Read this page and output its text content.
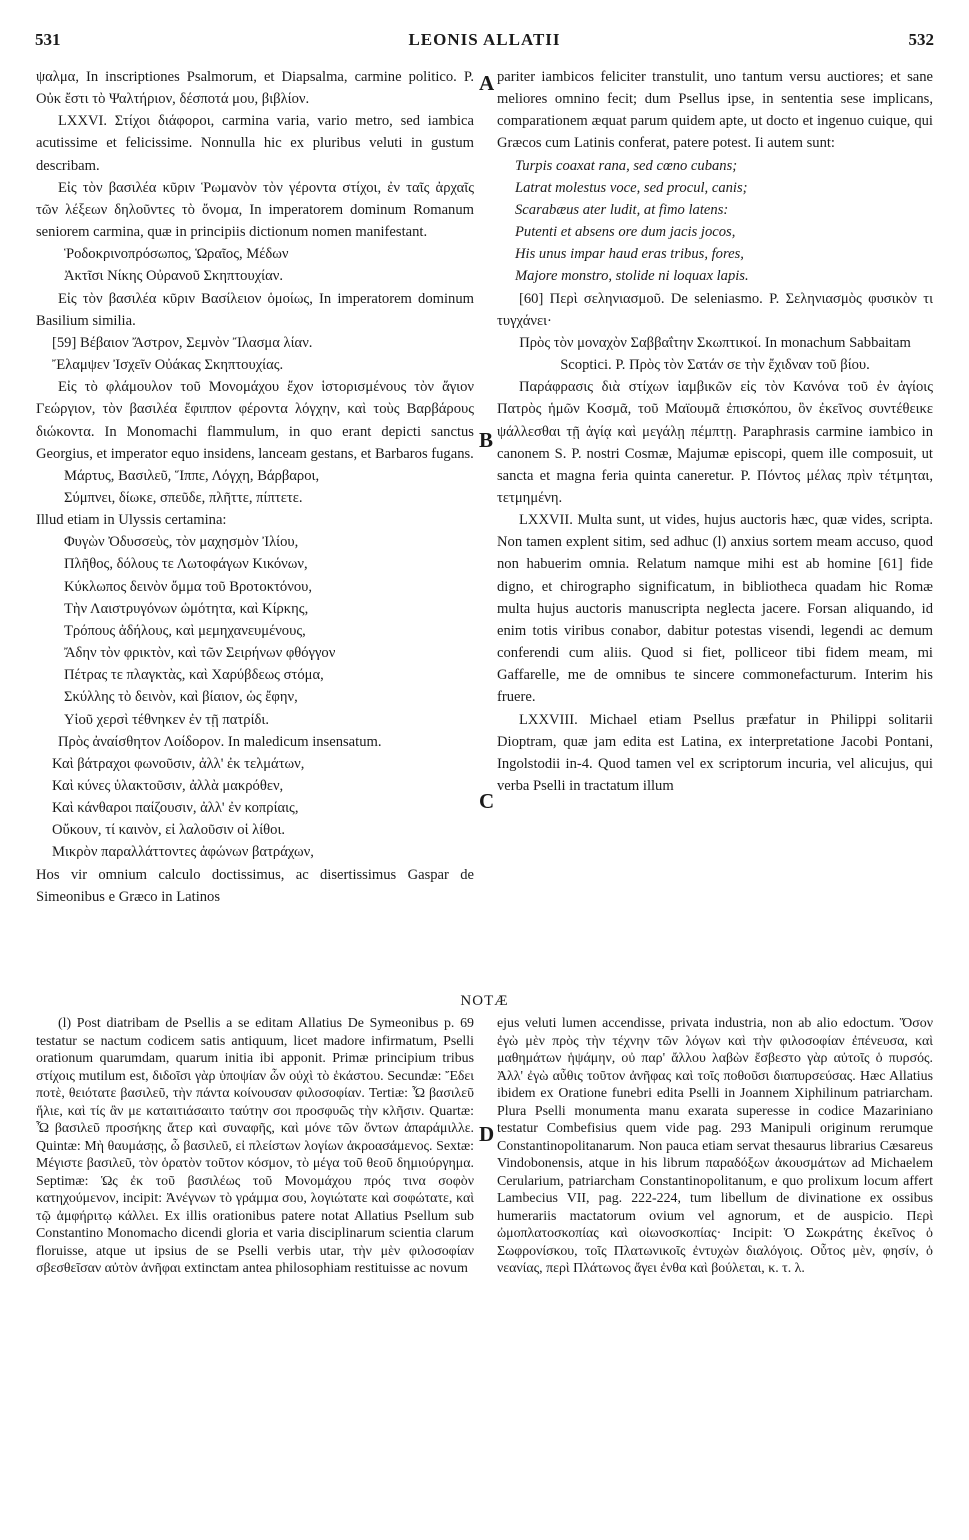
531	LEONIS ALLATII	532
A
B
C
D

ψαλμα, In inscriptiones Psalmorum, et Diapsalma, carmine politico. P. Οὐκ ἔστι τὸ Ψαλτήριον, δέσποτά μου, βιβλίον.

LXXVI. Στίχοι διάφοροι, carmina varia, vario metro, sed iambica acutissime et felicissime. Nonnulla hic ex pluribus veluti in gustum describam.

Εἰς τὸν βασιλέα κῦριν Ῥωμανὸν τὸν γέροντα στίχοι, ἐν ταῖς ἀρχαῖς τῶν λέξεων δηλοῦντες τὸ ὄνομα, In imperatorem dominum Romanum seniorem carmina, quæ in principiis dictionum nomen manifestant.

Ῥοδοκρινοπρόσωπος, Ὡραῖος, Μέδων

Ἀκτῖσι Νίκης Οὐρανοῦ Σκηπτουχίαν.

Εἰς τὸν βασιλέα κῦριν Βασίλειον ὁμοίως, In imperatorem dominum Basilium similia.

[59] Βέβαιον Ἄστρον, Σεμνὸν Ἴλασμα λίαν.

Ἔλαμψεν Ἰσχεῖν Οὐάκας Σκηπτουχίας.

Εἰς τὸ φλάμουλον τοῦ Μονομάχου ἔχον ἱστορισμένους τὸν ἅγιον Γεώργιον, τὸν βασιλέα ἔφιππον φέροντα λόγχην, καὶ τοὺς Βαρβάρους διώκοντα. In Monomachi flammulum, in quo erant depicti sanctus Georgius, et imperator equo insidens, lanceam gestans, et Barbaros fugans.

Μάρτυς, Βασιλεῦ, Ἵππε, Λόγχη, Βάρβαροι,

Σύμπνει, δίωκε, σπεῦδε, πλῆττε, πίπτετε.

Illud etiam in Ulyssis certamina:

Φυγὼν Ὀδυσσεὺς, τὸν μαχησμὸν Ἰλίου,

Πλῆθος, δόλους τε Λωτοφάγων Κικόνων,

Κύκλωπος δεινὸν ὄμμα τοῦ Βροτοκτόνου,

Τὴν Λαιστρυγόνων ὠμότητα, καὶ Κίρκης,

Τρόπους ἀδήλους, καὶ μεμηχανευμένους,

Ἄδην τὸν φρικτὸν, καὶ τῶν Σειρήνων φθόγγον

Πέτρας τε πλαγκτὰς, καὶ Χαρύβδεως στόμα,

Σκύλλης τὸ δεινὸν, καὶ βίαιον, ὡς ἔφην,

Υἱοῦ χερσὶ τέθνηκεν ἐν τῇ πατρίδι.

Πρὸς ἀναίσθητον Λοίδορον. In maledicum insensatum.

Καὶ βάτραχοι φωνοῦσιν, ἀλλ' ἐκ τελμάτων,

Καὶ κύνες ὑλακτοῦσιν, ἀλλὰ μακρόθεν,

Καὶ κάνθαροι παίζουσιν, ἀλλ' ἐν κοπρίαις,

Οὔκουν, τί καινὸν, εἰ λαλοῦσιν οἱ λίθοι.

Μικρὸν παραλλάττοντες ἀφώνων βατράχων,

Hos vir omnium calculo doctissimus, ac disertissimus Gaspar de Simeonibus e Græco in Latinos

pariter iambicos feliciter transtulit, uno tantum versu auctiores; et sane meliores omnino fecit; dum Psellus ipse, in sententia sese implicans, comparationem æquat parum quidem apte, ut docto et ingenuo cuique, qui Græcos cum Latinis conferat, patere potest. Ii autem sunt:

Turpis coaxat rana, sed cœno cubans;

Latrat molestus voce, sed procul, canis;

Scarabæus ater ludit, at fimo latens:

Putenti et absens ore dum jacis jocos,

His unus impar haud eras tribus, fores,

Majore monstro, stolide ni loquax lapis.

[60] Περὶ σεληνιασμοῦ. De seleniasmo. P. Σεληνιασμὸς φυσικὸν τι τυγχάνει·

Πρὸς τὸν μοναχὸν Σαββαΐτην Σκωπτικοί. In monachum Sabbaitam Scoptici. P. Πρὸς τὸν Σατάν σε τὴν ἔχιδναν τοῦ βίου.

Παράφρασις διὰ στίχων ἰαμβικῶν εἰς τὸν Κανόνα τοῦ ἐν ἁγίοις Πατρὸς ἡμῶν Κοσμᾶ, τοῦ Μαϊουμᾶ ἐπισκόπου, ὃν ἐκεῖνος συντέθεικε ψάλλεσθαι τῇ ἁγίᾳ καὶ μεγάλῃ πέμπτῃ. Paraphrasis carmine iambico in canonem S. P. nostri Cosmæ, Majumæ episcopi, quem ille composuit, ut sancta et magna feria quinta caneretur. P. Πόντος μέλας πρὶν τέτμηται, τετμημένη.

LXXVII. Multa sunt, ut vides, hujus auctoris hæc, quæ vides, scripta. Non tamen explent sitim, sed adhuc (l) anxius sortem meam accuso, quod non habuerim omnia. Relatum namque mihi est ab homine [61] fide digno, et chirographo significatum, in bibliotheca quadam hic Romæ multa hujus auctoris manuscripta neglecta jacere. Forsan aliquando, id enim totis viribus conabor, dabitur potestas visendi, legendi ac demum conferendi cum aliis. Quod si fiet, polliceor tibi fidem meam, mi Gaffarelle, me de omnibus te sincere commonefacturum. Interim his fruere.

LXXVIII. Michael etiam Psellus præfatur in Philippi solitarii Dioptram, quæ jam edita est Latina, ex interpretatione Jacobi Pontani, Ingolstodii in-4. Quod tamen vel ex scriptorum incuria, vel alicujus, qui verba Pselli in tractatum illum

NOTÆ

(l) Post diatribam de Psellis a se editam Allatius De Symeonibus p. 69 testatur se nactum codicem satis antiquum, licet madore infirmatum, Pselli orationum quarumdam, quarum initia ibi apponit. Primæ principium tribus στίχοις mutilum est, διδοῖσι γὰρ ὑποψίαν ὧν οὐχὶ τὸ ἑκάστου. Secundæ: Ἔδει ποτὲ, θειότατε βασιλεῦ, τὴν πάντα κοίνουσαν φιλοσοφίαν. Tertiæ: Ὦ βασιλεῦ ἥλιε, καὶ τίς ἂν με καταιτιάσαιτο ταύτην σοι προσφυῶς τὴν κλῆσιν. Quartæ: Ὦ βασιλεῦ προσήκης ἄτερ καὶ συναφῆς, καὶ μόνε τῶν ὄντων ἀπαράμιλλε. Quintæ: Μὴ θαυμάσῃς, ὦ βασιλεῦ, εἰ πλείστων λογίων ἀκροασάμενος. Sextæ: Μέγιστε βασιλεῦ, τὸν ὁρατὸν τοῦτον κόσμον, τὸ μέγα τοῦ θεοῦ δημιούργημα. Septimæ: Ὡς ἐκ τοῦ βασιλέως τοῦ Μονομάχου πρός τινα σοφὸν κατηχούμενον, incipit: Ἀνέγνων τὸ γράμμα σου, λογιώτατε καὶ σοφώτατε, καὶ τῷ ἀμφήριτῳ κάλλει. Ex illis orationibus patere notat Allatius Psellum sub Constantino Monomacho dicendi gloria et varia disciplinarum scientia clarum floruisse, atque ut ipsius de se Pselli verbis utar, τὴν μὲν φιλοσοφίαν σβεσθεῖσαν αὐτὸν ἀνῆφαι extinctam antea philosophiam restituisse ac novum

ejus veluti lumen accendisse, privata industria, non ab alio edoctum. Ὅσον ἐγὼ μὲν πρὸς τὴν τέχνην τῶν λόγων καὶ τὴν φιλοσοφίαν ἐπένευσα, καὶ μαθημάτων ἡψάμην, οὐ παρ' ἄλλου λαβὼν ἔσβεστο γὰρ αὐτοῖς ὁ πυρσός. Ἀλλ' ἐγὼ αὖθις τοῦτον ἀνῆφας καὶ τοῖς ποθοῦσι διαπυρσεύσας. Hæc Allatius ibidem ex Oratione funebri edita Pselli in Joannem Xiphilinum patriarcham. Plura Pselli monumenta manu exarata superesse in codice Mazariniano testatur Combefisius quem vide pag. 293 Manipuli originum rerumque Constantinopolitanarum. Non pauca etiam servat thesaurus librarius Cæsareus Vindobonensis, atque in his librum παραδόξων ἀκουσμάτων ad Michaelem Cerularium, patriarcham Constantinopolitanum, e quo prolixum locum affert Lambecius VII, pag. 222-224, tum libellum de divinatione ex ossibus humerariis mactatorum ovium vel agnorum, et de auspicio. Περὶ ὠμοπλατοσκοπίας καὶ οἰωνοσκοπίας· Incipit: Ὁ Σωκράτης ἐκεῖνος ὁ Σωφρονίσκου, τοῖς Πλατωνικοῖς ἐντυχὼν διαλόγοις. Οὗτος μὲν, φησίν, ὁ νεανίας, περὶ Πλάτωνος ἄγει ἐνθα καὶ βούλεται, κ. τ. λ.
